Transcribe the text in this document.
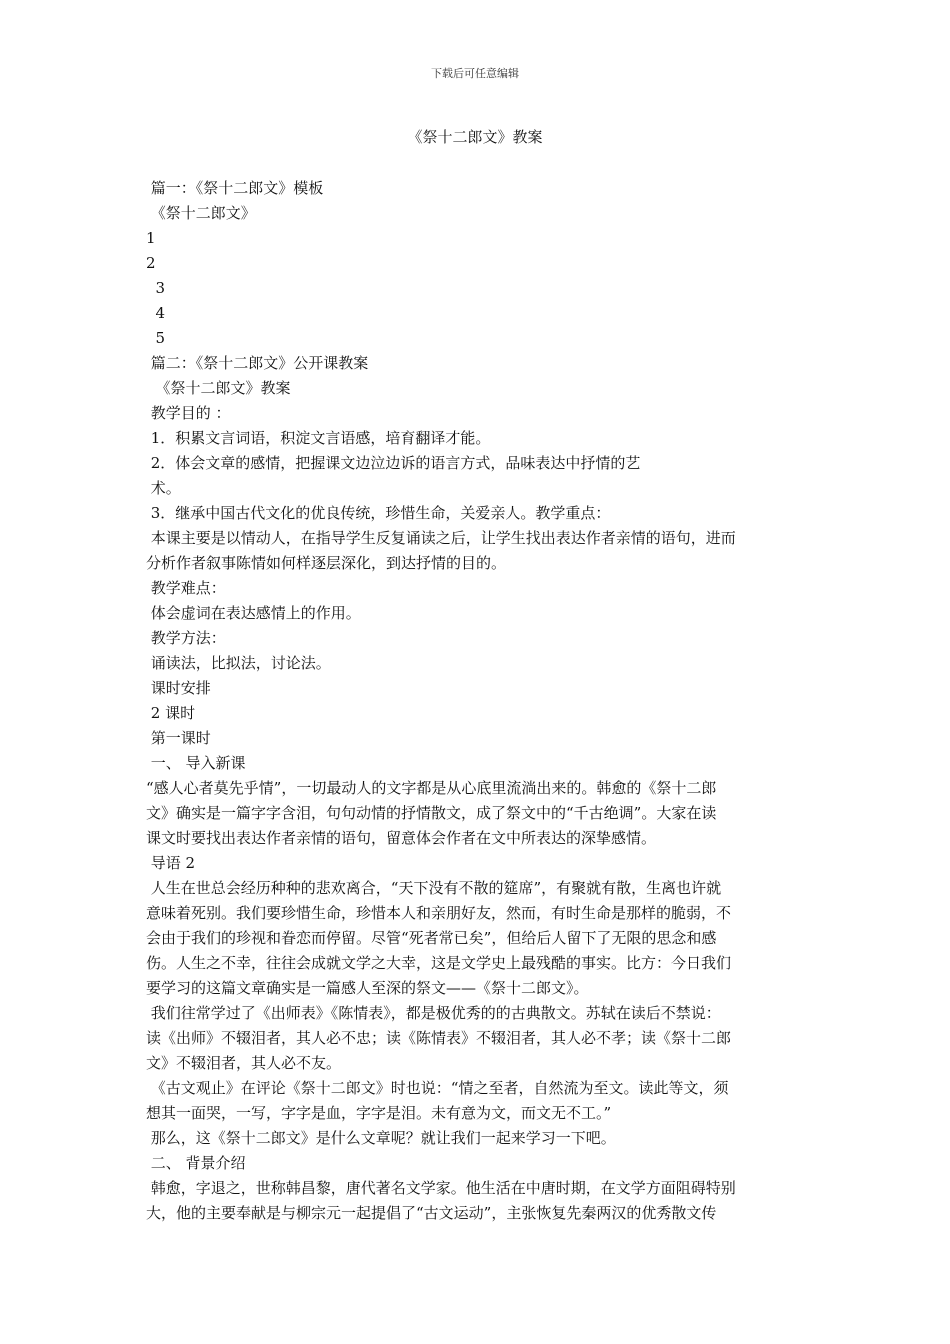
下载后可任意编辑
《祭十二郎文》教案

篇一：《祭十二郎文》模板

《祭十二郎文》

1

2

3

4

5

篇二：《祭十二郎文》公开课教案

《祭十二郎文》教案

教学目的 ：

1．积累文言词语，积淀文言语感，培育翻译才能。

2．体会文章的感情，把握课文边泣边诉的语言方式，品味表达中抒情的艺

术。

3．继承中国古代文化的优良传统，珍惜生命，关爱亲人。教学重点：

本课主要是以情动人，在指导学生反复诵读之后，让学生找出表达作者亲情的语句，进而

分析作者叙事陈情如何样逐层深化，到达抒情的目的。

教学难点：

体会虚词在表达感情上的作用。

教学方法：

诵读法，比拟法，讨论法。

课时安排

2 课时

第一课时

一、 导入新课

“感人心者莫先乎情”，一切最动人的文字都是从心底里流淌出来的。韩愈的《祭十二郎

文》确实是一篇字字含泪，句句动情的抒情散文，成了祭文中的“千古绝调”。大家在读

课文时要找出表达作者亲情的语句，留意体会作者在文中所表达的深挚感情。

导语 2

人生在世总会经历种种的悲欢离合，“天下没有不散的筵席”，有聚就有散，生离也许就

意味着死别。我们要珍惜生命，珍惜本人和亲朋好友，然而，有时生命是那样的脆弱，不

会由于我们的珍视和眷恋而停留。尽管“死者常已矣”，但给后人留下了无限的思念和感

伤。人生之不幸，往往会成就文学之大幸，这是文学史上最残酷的事实。比方：今日我们

要学习的这篇文章确实是一篇感人至深的祭文——《祭十二郎文》。

我们往常学过了《出师表》《陈情表》，都是极优秀的的古典散文。苏轼在读后不禁说：

读《出师》不辍泪者，其人必不忠；读《陈情表》不辍泪者，其人必不孝；读《祭十二郎

文》不辍泪者，其人必不友。

《古文观止》在评论《祭十二郎文》时也说：“情之至者，自然流为至文。读此等文，须

想其一面哭，一写，字字是血，字字是泪。未有意为文，而文无不工。”

那么，这《祭十二郎文》是什么文章呢？就让我们一起来学习一下吧。

二、 背景介绍

韩愈，字退之，世称韩昌黎，唐代著名文学家。他生活在中唐时期，在文学方面阻碍特别

大，他的主要奉献是与柳宗元一起提倡了“古文运动”，主张恢复先秦两汉的优秀散文传
